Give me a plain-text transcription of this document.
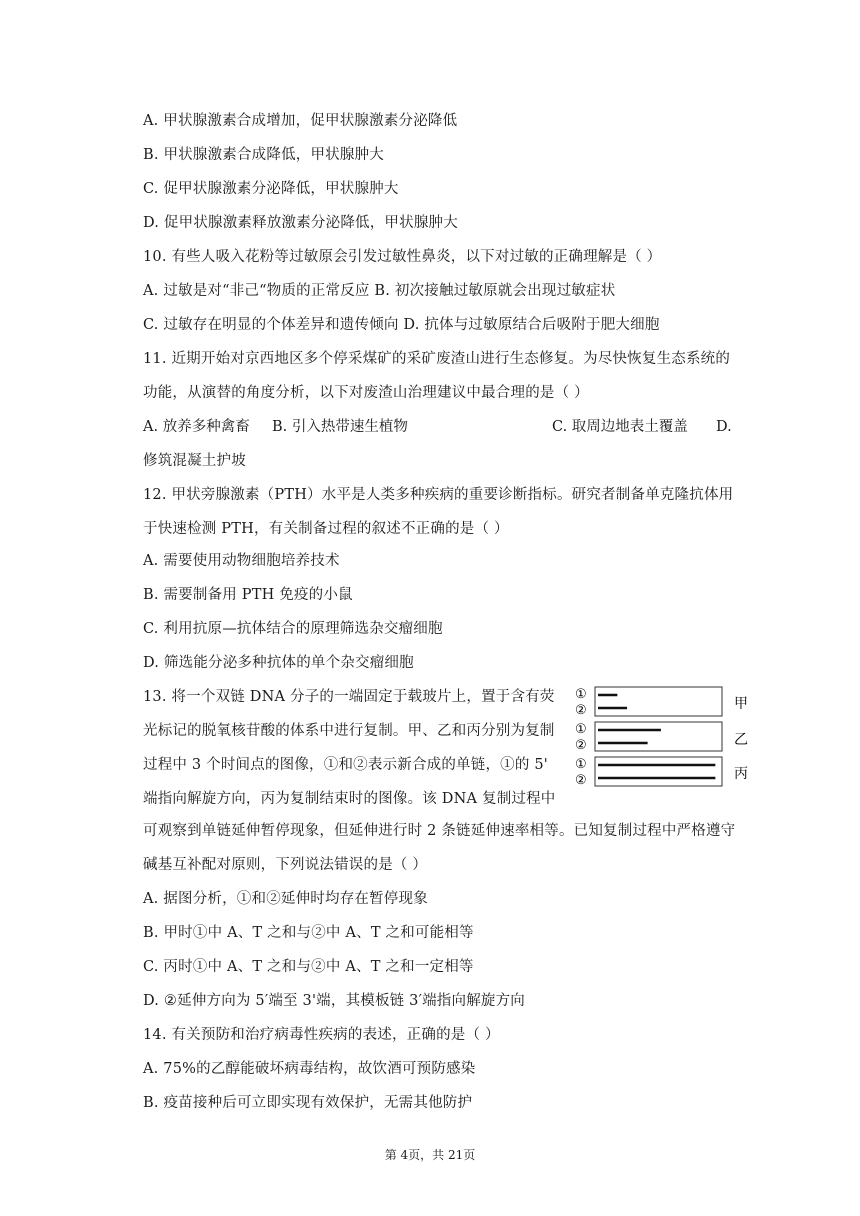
A. 甲状腺激素合成增加，促甲状腺激素分泌降低
B. 甲状腺激素合成降低，甲状腺肿大
C. 促甲状腺激素分泌降低，甲状腺肿大
D. 促甲状腺激素释放激素分泌降低，甲状腺肿大
10. 有些人吸入花粉等过敏原会引发过敏性鼻炎，以下对过敏的正确理解是（ ）
A. 过敏是对“非己“物质的正常反应 B. 初次接触过敏原就会出现过敏症状
C. 过敏存在明显的个体差异和遗传倾向 D. 抗体与过敏原结合后吸附于肥大细胞
11. 近期开始对京西地区多个停采煤矿的采矿废渣山进行生态修复。为尽快恢复生态系统的
功能，从演替的角度分析，以下对废渣山治理建议中最合理的是（ ）
A. 放养多种禽畜 B. 引入热带速生植物	C. 取周边地表土覆盖 D.
修筑混凝土护坡
12. 甲状旁腺激素（PTH）水平是人类多种疾病的重要诊断指标。研究者制备单克隆抗体用
于快速检测 PTH，有关制备过程的叙述不正确的是（ ）
A. 需要使用动物细胞培养技术
B. 需要制备用 PTH 免疫的小鼠
C. 利用抗原—抗体结合的原理筛选杂交瘤细胞
D. 筛选能分泌多种抗体的单个杂交瘤细胞
13. 将一个双链 DNA 分子的一端固定于载玻片上，置于含有荧
光标记的脱氧核苷酸的体系中进行复制。甲、乙和丙分别为复制
过程中 3 个时间点的图像，①和②表示新合成的单链，①的 5'
端指向解旋方向，丙为复制结束时的图像。该 DNA 复制过程中
可观察到单链延伸暂停现象，但延伸进行时 2 条链延伸速率相等。已知复制过程中严格遵守
碱基互补配对原则，下列说法错误的是（ ）
①
②	甲
①
②	乙
①
②	丙
A. 据图分析，①和②延伸时均存在暂停现象
B. 甲时①中 A、T 之和与②中 A、T 之和可能相等
C. 丙时①中 A、T 之和与②中 A、T 之和一定相等
D. ②延伸方向为 5′端至 3'端，其模板链 3′端指向解旋方向
14. 有关预防和治疗病毒性疾病的表述，正确的是（ ）
A. 75%的乙醇能破坏病毒结构，故饮酒可预防感染
B. 疫苗接种后可立即实现有效保护，无需其他防护
第 4页，共 21页
